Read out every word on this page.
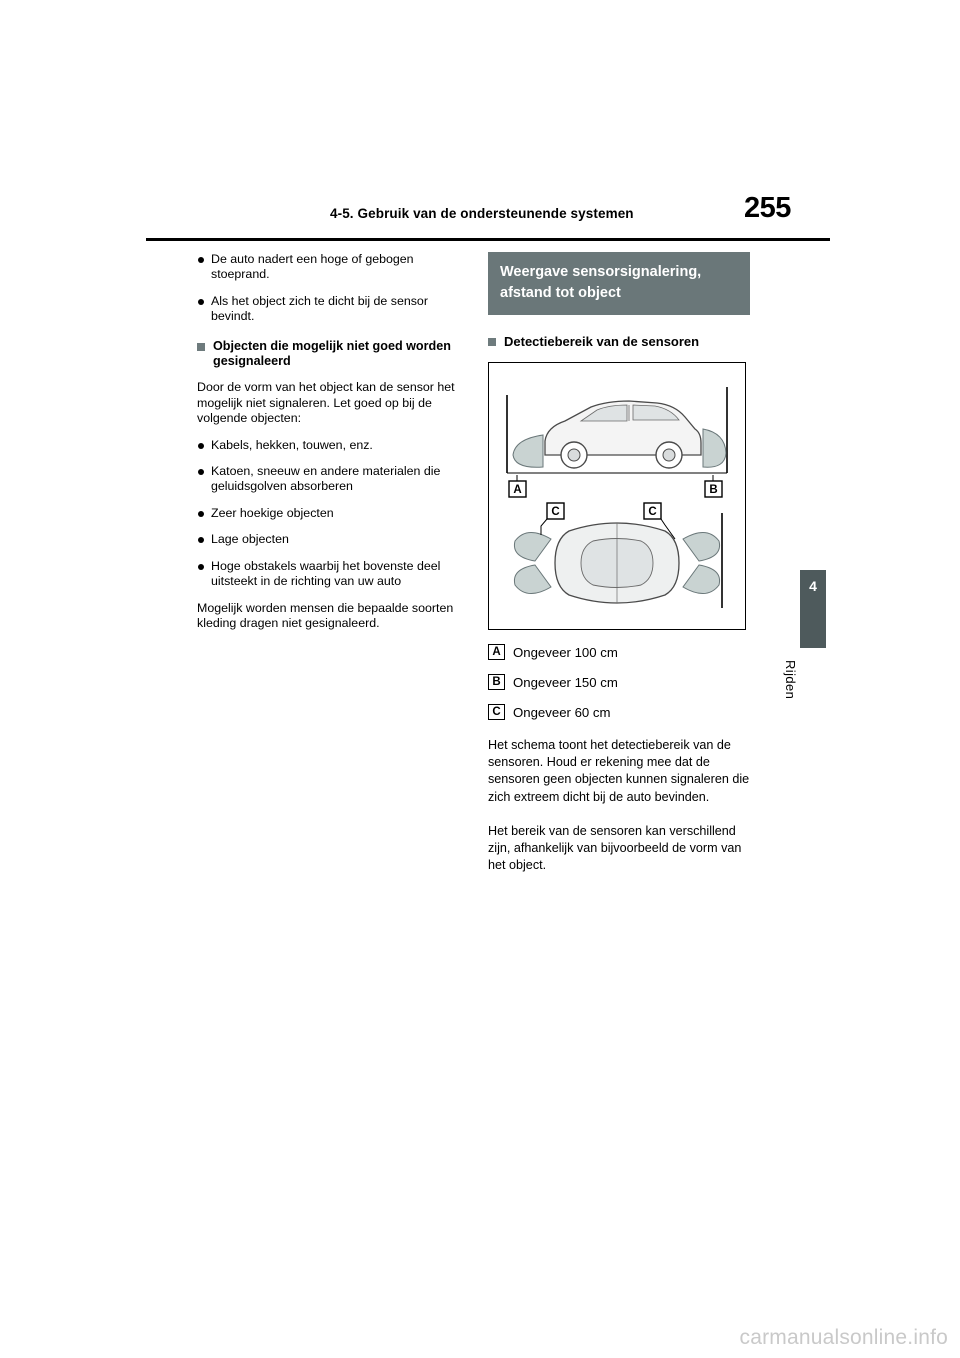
255
4-5. Gebruik van de ondersteunende systemen
4
Rijden
De auto nadert een hoge of gebogen stoeprand.
Als het object zich te dicht bij de sensor bevindt.
Objecten die mogelijk niet goed worden gesignaleerd
Door de vorm van het object kan de sensor het mogelijk niet signaleren. Let goed op bij de volgende objecten:
Kabels, hekken, touwen, enz.
Katoen, sneeuw en andere materialen die geluidsgolven absorberen
Zeer hoekige objecten
Lage objecten
Hoge obstakels waarbij het bovenste deel uitsteekt in de richting van uw auto
Mogelijk worden mensen die bepaalde soorten kleding dragen niet gesignaleerd.
Weergave sensorsignalering, afstand tot object
Detectiebereik van de sensoren
A	B
C	C
A Ongeveer 100 cm
B Ongeveer 150 cm
C Ongeveer 60 cm
Het schema toont het detectiebereik van de sensoren. Houd er rekening mee dat de sensoren geen objecten kunnen signaleren die zich extreem dicht bij de auto bevinden.
Het bereik van de sensoren kan verschillend zijn, afhankelijk van bijvoorbeeld de vorm van het object.
carmanualsonline.info
